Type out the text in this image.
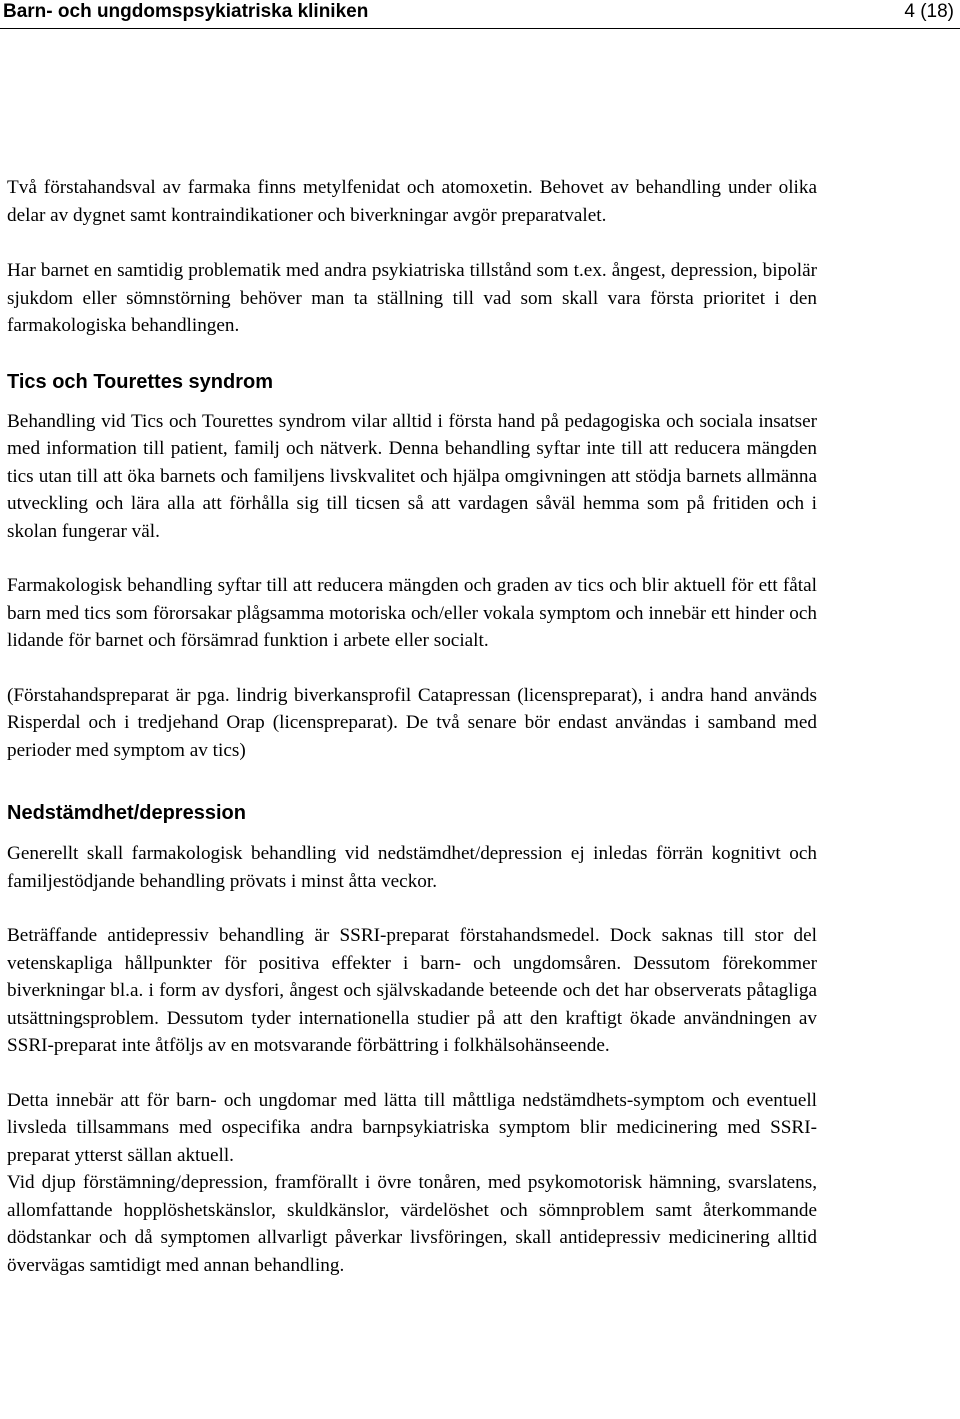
Barn- och ungdomspsykiatriska kliniken	4 (18)

Två förstahandsval av farmaka finns metylfenidat och atomoxetin. Behovet av behandling under olika delar av dygnet samt kontraindikationer och biverkningar avgör preparatvalet.

Har barnet en samtidig problematik med andra psykiatriska tillstånd som t.ex. ångest, depression, bipolär sjukdom eller sömnstörning behöver man ta ställning till vad som skall vara första prioritet i den farmakologiska behandlingen.

Tics och Tourettes syndrom

Behandling vid Tics och Tourettes syndrom vilar alltid i första hand på pedagogiska och sociala insatser med information till patient, familj och nätverk. Denna behandling syftar inte till att reducera mängden tics utan till att öka barnets och familjens livskvalitet och hjälpa omgivningen att stödja barnets allmänna utveckling och lära alla att förhålla sig till ticsen så att vardagen såväl hemma som på fritiden och i skolan fungerar väl.

Farmakologisk behandling syftar till att reducera mängden och graden av tics och blir aktuell för ett fåtal barn med tics som förorsakar plågsamma motoriska och/eller vokala symptom och innebär ett hinder och lidande för barnet och försämrad funktion i arbete eller socialt.

(Förstahandspreparat är pga. lindrig biverkansprofil Catapressan (licenspreparat), i andra hand används Risperdal och i tredjehand Orap (licenspreparat). De två senare bör endast användas i samband med perioder med symptom av tics)

Nedstämdhet/depression

Generellt skall farmakologisk behandling vid nedstämdhet/depression ej inledas förrän kognitivt och familjestödjande behandling prövats i minst åtta veckor.

Beträffande antidepressiv behandling är SSRI-preparat förstahandsmedel. Dock saknas till stor del vetenskapliga hållpunkter för positiva effekter i barn- och ungdomsåren. Dessutom förekommer biverkningar bl.a. i form av dysfori, ångest och självskadande beteende och det har observerats påtagliga utsättningsproblem. Dessutom tyder internationella studier på att den kraftigt ökade användningen av SSRI-preparat inte åtföljs av en motsvarande förbättring i folkhälsohänseende.

Detta innebär att för barn- och ungdomar med lätta till måttliga nedstämdhets-symptom och eventuell livsleda tillsammans med ospecifika andra barnpsykiatriska symptom blir medicinering med SSRI-preparat ytterst sällan aktuell.

Vid djup förstämning/depression, framförallt i övre tonåren, med psykomotorisk hämning, svarslatens, allomfattande hopplöshetskänslor, skuldkänslor, värdelöshet och sömnproblem samt återkommande dödstankar och då symptomen allvarligt påverkar livsföringen, skall antidepressiv medicinering alltid övervägas samtidigt med annan behandling.
